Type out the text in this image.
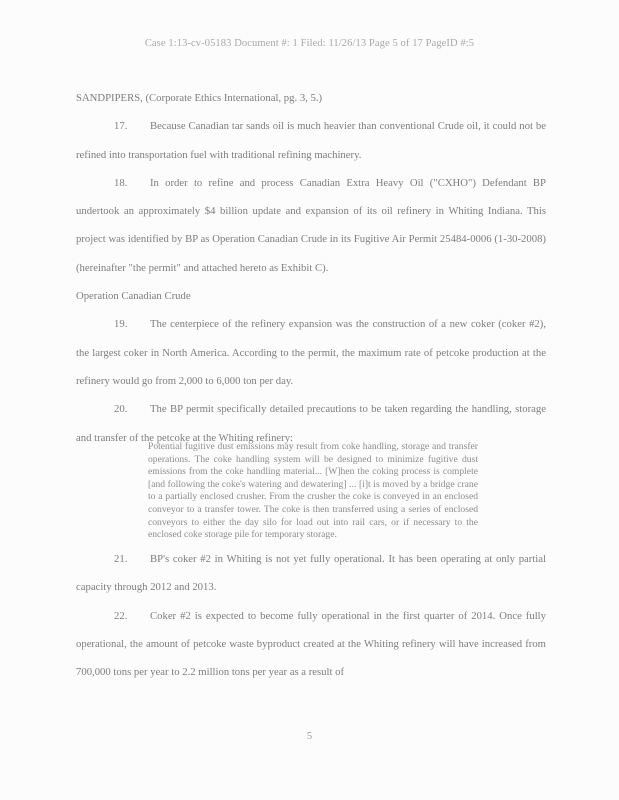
Case 1:13-cv-05183 Document #: 1 Filed: 11/26/13 Page 5 of 17 PageID #:5

SANDPIPERS, (Corporate Ethics International, pg. 3, 5.)

17. Because Canadian tar sands oil is much heavier than conventional Crude oil, it could not be refined into transportation fuel with traditional refining machinery.

18. In order to refine and process Canadian Extra Heavy Oil ("CXHO") Defendant BP undertook an approximately $4 billion update and expansion of its oil refinery in Whiting Indiana. This project was identified by BP as Operation Canadian Crude in its Fugitive Air Permit 25484-0006 (1-30-2008) (hereinafter "the permit" and attached hereto as Exhibit C).

Operation Canadian Crude

19. The centerpiece of the refinery expansion was the construction of a new coker (coker #2), the largest coker in North America. According to the permit, the maximum rate of petcoke production at the refinery would go from 2,000 to 6,000 ton per day.

20. The BP permit specifically detailed precautions to be taken regarding the handling, storage and transfer of the petcoke at the Whiting refinery:

Potential fugitive dust emissions may result from coke handling, storage and transfer operations. The coke handling system will be designed to minimize fugitive dust emissions from the coke handling material... [W]hen the coking process is complete [and following the coke's watering and dewatering] ... [i]t is moved by a bridge crane to a partially enclosed crusher. From the crusher the coke is conveyed in an enclosed conveyor to a transfer tower. The coke is then transferred using a series of enclosed conveyors to either the day silo for load out into rail cars, or if necessary to the enclosed coke storage pile for temporary storage.

21. BP's coker #2 in Whiting is not yet fully operational. It has been operating at only partial capacity through 2012 and 2013.

22. Coker #2 is expected to become fully operational in the first quarter of 2014. Once fully operational, the amount of petcoke waste byproduct created at the Whiting refinery will have increased from 700,000 tons per year to 2.2 million tons per year as a result of

5
